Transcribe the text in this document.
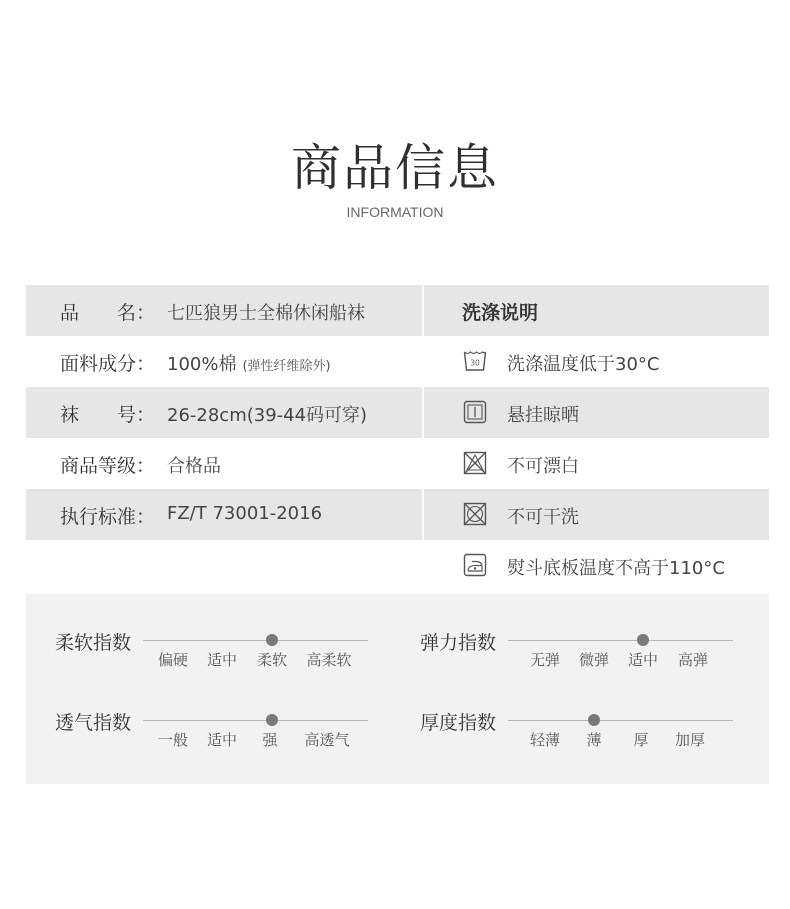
商品信息
INFORMATION
品　　名： 七匹狼男士全棉休闲船袜	洗涤说明
面料成分： 100%棉 (弹性纤维除外)	30 洗涤温度低于30°C
袜　　号： 26-28cm(39-44码可穿)	悬挂晾晒
商品等级： 合格品	不可漂白
执行标准： FZ/T 73001-2016	不可干洗
熨斗底板温度不高于110°C
柔软指数
偏硬 适中 柔软 高柔软
弹力指数
无弹 微弹 适中 高弹
透气指数
一般 适中 强 高透气
厚度指数
轻薄 薄 厚 加厚
